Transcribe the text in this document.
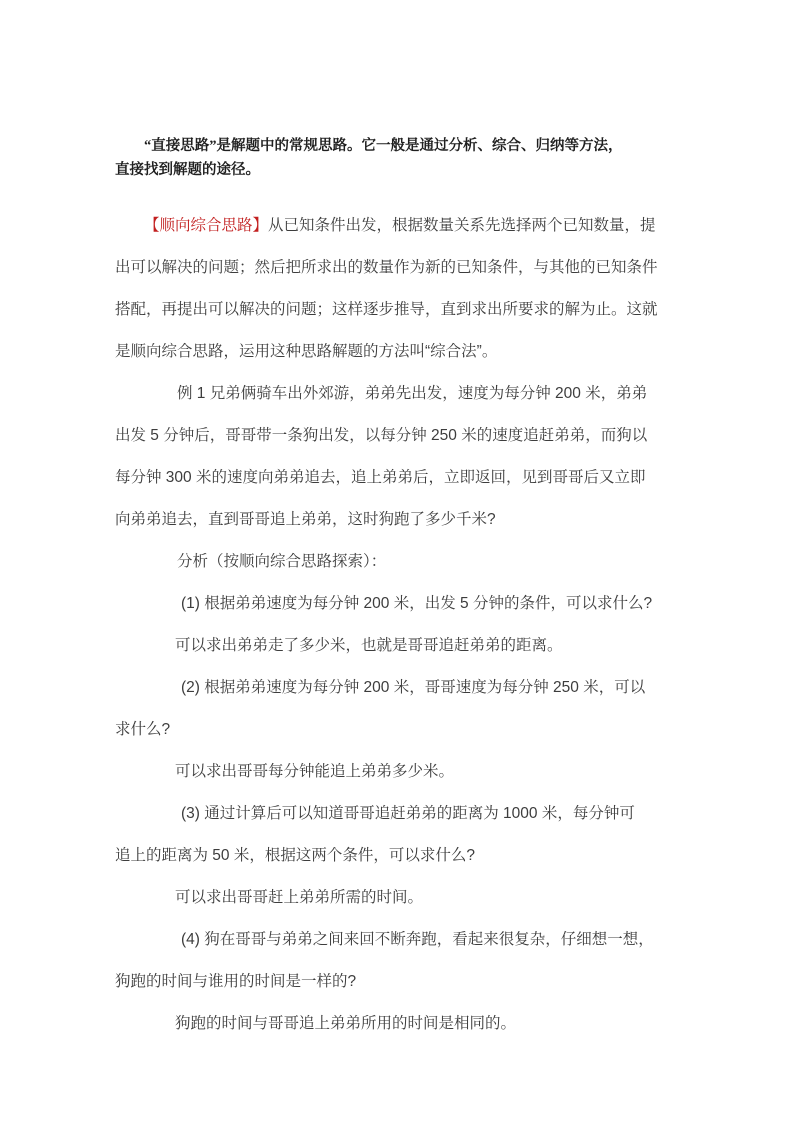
“直接思路”是解题中的常规思路。它一般是通过分析、综合、归纳等方法，
直接找到解题的途径。
【顺向综合思路】从已知条件出发，根据数量关系先选择两个已知数量，提
出可以解决的问题；然后把所求出的数量作为新的已知条件，与其他的已知条件
搭配，再提出可以解决的问题；这样逐步推导，直到求出所要求的解为止。这就
是顺向综合思路，运用这种思路解题的方法叫“综合法”。
例 1 兄弟俩骑车出外郊游，弟弟先出发，速度为每分钟 200 米，弟弟
出发 5 分钟后，哥哥带一条狗出发，以每分钟 250 米的速度追赶弟弟，而狗以
每分钟 300 米的速度向弟弟追去，追上弟弟后，立即返回，见到哥哥后又立即
向弟弟追去，直到哥哥追上弟弟，这时狗跑了多少千米?
分析（按顺向综合思路探索）：
(1) 根据弟弟速度为每分钟 200 米，出发 5 分钟的条件，可以求什么?
可以求出弟弟走了多少米，也就是哥哥追赶弟弟的距离。
(2) 根据弟弟速度为每分钟 200 米，哥哥速度为每分钟 250 米，可以
求什么?
可以求出哥哥每分钟能追上弟弟多少米。
(3) 通过计算后可以知道哥哥追赶弟弟的距离为 1000 米，每分钟可
追上的距离为 50 米，根据这两个条件，可以求什么?
可以求出哥哥赶上弟弟所需的时间。
(4) 狗在哥哥与弟弟之间来回不断奔跑，看起来很复杂，仔细想一想，
狗跑的时间与谁用的时间是一样的?
狗跑的时间与哥哥追上弟弟所用的时间是相同的。
